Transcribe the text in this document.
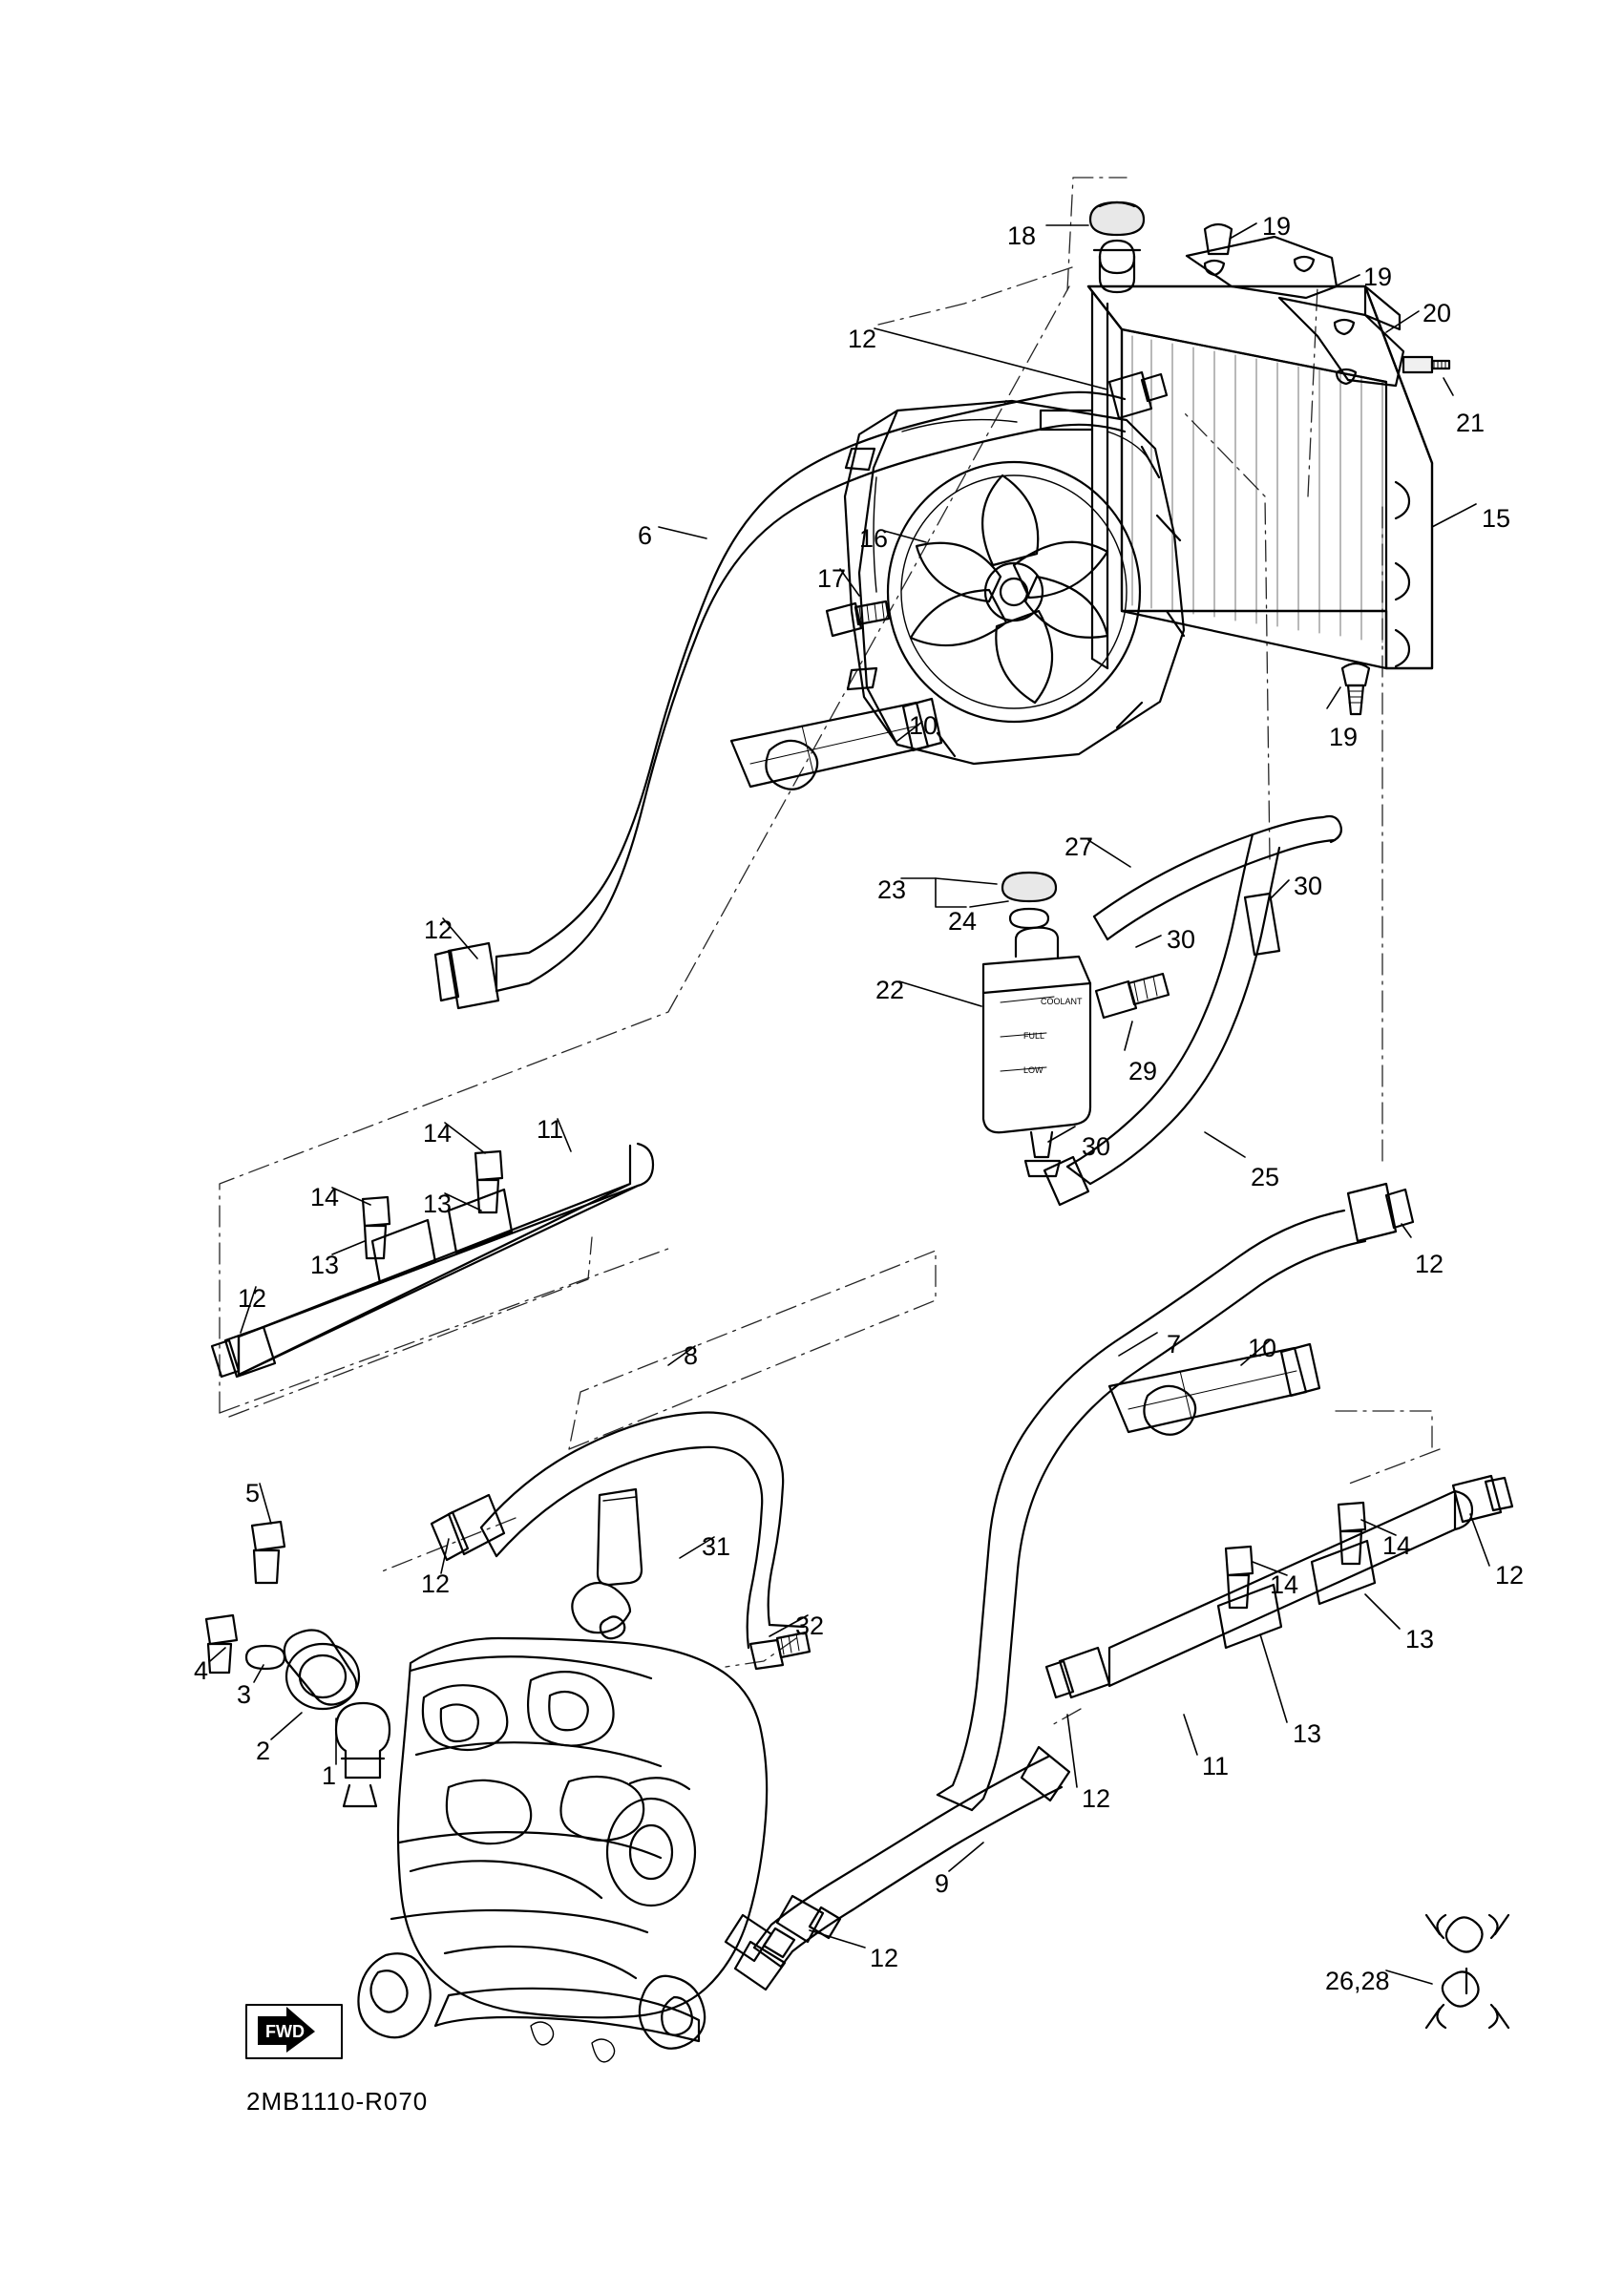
COOLANT
FULL
LOW
FWD
2MB1110-R070
18	19
19
20
21
12
15
6	16
17
19
10
27
30
23
24
30
12
22
29
30
25
12
14	11
14	13
13
12
8	7	10
5
12
31
32
14
12
14
13
4
3
2
1
13
11
12
9
12
26,28
